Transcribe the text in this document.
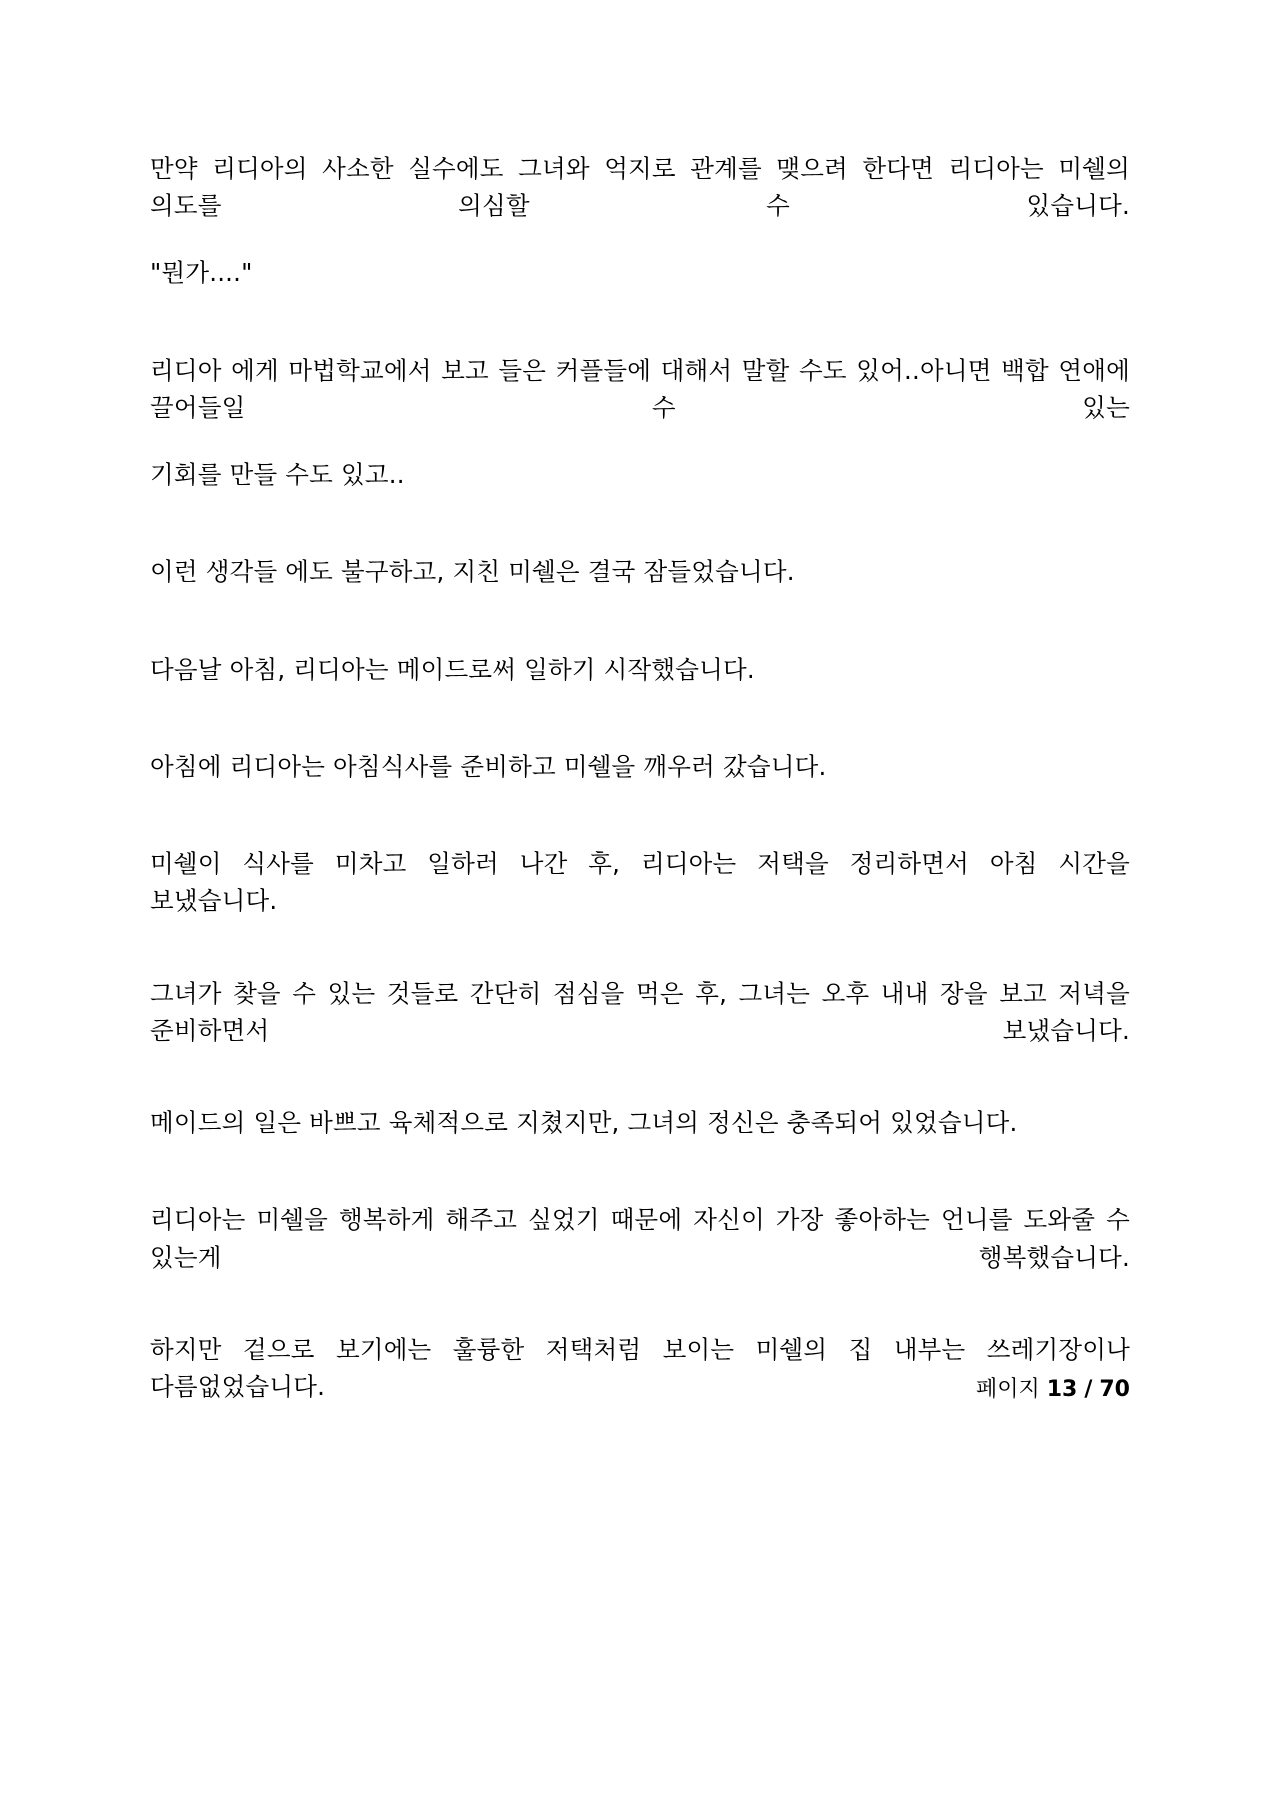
만약 리디아의 사소한 실수에도 그녀와 억지로 관계를 맺으려 한다면 리디아는 미쉘의 의도를 의심할 수 있습니다.

"뭔가...."

리디아 에게 마법학교에서 보고 들은 커플들에 대해서 말할 수도 있어..아니면 백합 연애에 끌어들일 수 있는

기회를 만들 수도 있고..

이런 생각들 에도 불구하고, 지친 미쉘은 결국 잠들었습니다.

다음날 아침, 리디아는 메이드로써 일하기 시작했습니다.

아침에 리디아는 아침식사를 준비하고 미쉘을 깨우러 갔습니다.

미쉘이 식사를 미차고 일하러 나간 후, 리디아는 저택을 정리하면서 아침 시간을 보냈습니다.

그녀가 찾을 수 있는 것들로 간단히 점심을 먹은 후, 그녀는 오후 내내 장을 보고 저녁을 준비하면서 보냈습니다.

메이드의 일은 바쁘고 육체적으로 지쳤지만, 그녀의 정신은 충족되어 있었습니다.

리디아는 미쉘을 행복하게 해주고 싶었기 때문에 자신이 가장 좋아하는 언니를 도와줄 수 있는게 행복했습니다.

하지만 겉으로 보기에는 훌륭한 저택처럼 보이는 미쉘의 집 내부는 쓰레기장이나 다름없었습니다.	페이지 13 / 70
